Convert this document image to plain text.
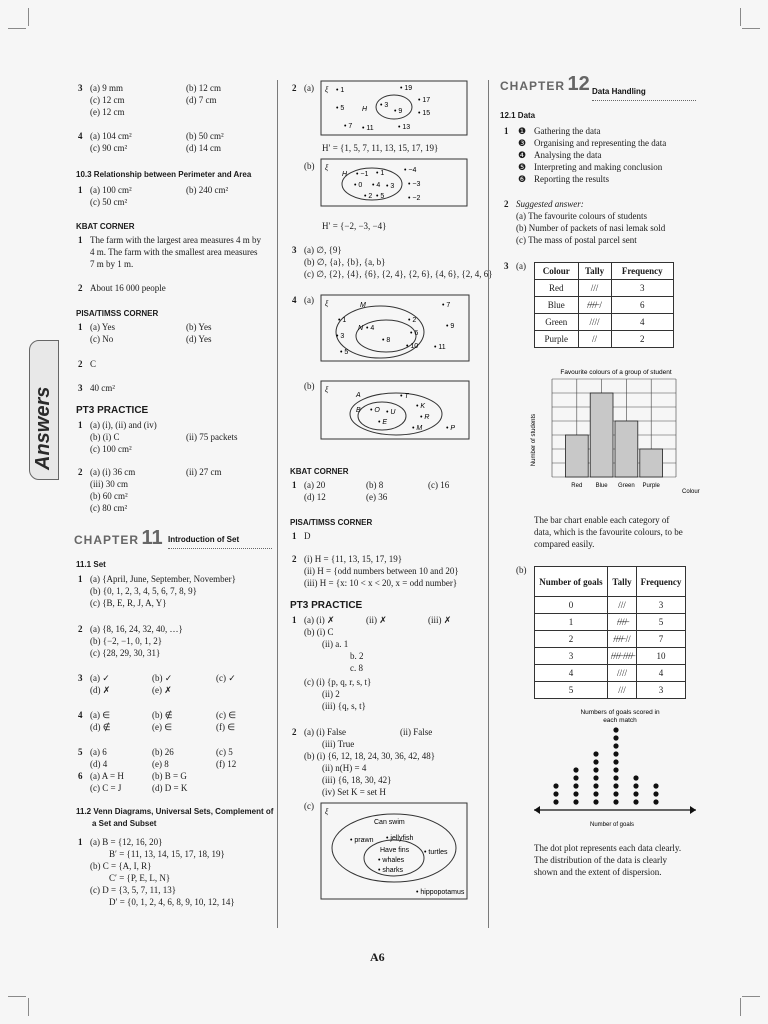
Answers
3 (a) 9 mm	(b) 12 cm
(c) 12 cm	(d) 7 cm
(e) 12 cm
4 (a) 104 cm²	(b) 50 cm²
(c) 90 cm²	(d) 14 cm
10.3 Relationship between Perimeter and Area
1 (a) 100 cm²	(b) 240 cm²
(c) 50 cm²
KBAT CORNER
1 The farm with the largest area measures 4 m by
4 m. The farm with the smallest area measures
7 m by 1 m.
2 About 16 000 people
PISA/TIMSS CORNER
1 (a) Yes	(b) Yes
(c) No	(d) Yes
2 C
3 40 cm²
PT3 PRACTICE
1 (a) (i), (ii) and (iv)
(b) (i) C	(ii) 75 packets
(c) 100 cm²
2 (a) (i) 36 cm	(ii) 27 cm
(iii) 30 cm
(b) 60 cm²
(c) 80 cm²
CHAPTER 11 Introduction of Set
11.1 Set
1 (a) {April, June, September, November}
(b) {0, 1, 2, 3, 4, 5, 6, 7, 8, 9}
(c) {B, E, R, J, A, Y}
2 (a) {8, 16, 24, 32, 40, …}
(b) {−2, −1, 0, 1, 2}
(c) {28, 29, 30, 31}
3 (a) ✓	(b) ✓	(c) ✓
(d) ✗	(e) ✗
4 (a) ∈	(b) ∉	(c) ∈
(d) ∉	(e) ∈	(f) ∈
5 (a) 6	(b) 26	(c) 5
(d) 4	(e) 8	(f) 12
6 (a) A = H	(b) B = G
(c) C = J	(d) D = K
11.2 Venn Diagrams, Universal Sets, Complement of
a Set and Subset
1 (a) B = {12, 16, 20}
B′ = {11, 13, 14, 15, 17, 18, 19}
(b) C = {A, I, R}
C′ = {P, E, L, N}
(c) D = {3, 5, 7, 11, 13}
D′ = {0, 1, 2, 4, 6, 8, 9, 10, 12, 14}
2 (a) ξ • 1	• 19
• 17
• 5	H
• 3
• 9 • 15
• 7 • 11	• 13
H′ = {1, 5, 7, 11, 13, 15, 17, 19}
(b) ξ
H • −1 • 1
• 0 • 4 • 3
• 2 • 5
• −4
• −3
• −2
H′ = {−2, −3, −4}
3 (a) ∅, {9}
(b) ∅, {a}, {b}, {a, b}
(c) ∅, {2}, {4}, {6}, {2, 4}, {2, 6}, {4, 6}, {2, 4, 6}
4 (a) ξ	M
N
• 1
• 3
• 5
• 4
• 8
• 2
• 6
• 10
• 7
• 9
• 11
(b) ξ
A
B • O • U
• E
• T
• K
• R
• M	• P
KBAT CORNER
1 (a) 20	(b) 8	(c) 16
(d) 12	(e) 36
PISA/TIMSS CORNER
1 D
2 (i) H = {11, 13, 15, 17, 19}
(ii) H = {odd numbers between 10 and 20}
(iii) H = {x: 10 < x < 20, x = odd number}
PT3 PRACTICE
1 (a) (i) ✗	(ii) ✗	(iii) ✗
(b) (i) C
(ii) a. 1
b. 2
c. 8
(c) (i) {p, q, r, s, t}
(ii) 2
(iii) {q, s, t}
2 (a) (i) False	(ii) False
(iii) True
(b) (i) {6, 12, 18, 24, 30, 36, 42, 48}
(ii) n(H) = 4
(iii) {6, 18, 30, 42}
(iv) Set K = set H
(c)
ξ
Can swim
• prawn • jellyfish
• turtles
Have fins
• whales
• sharks
• hippopotamus
CHAPTER 12 Data Handling
12.1 Data
1 ❶ Gathering the data
❸ Organising and representing the data
❹ Analysing the data
❺ Interpreting and making conclusion
❻ Reporting the results
2 Suggested answer:
(a) The favourite colours of students
(b) Number of packets of nasi lemak sold
(c) The mass of postal parcel sent
3 (a) Colour	Tally	Frequency
Red	///	3
Blue	/̶/̶/̶/̶ /	6
Green	////	4
Purple	//	2
Favourite colours of a group of student
Number of students
Red Blue Green Purple
Colour
The bar chart enable each category of
data, which is the favourite colours, to be
compared easily.
(b)
Number of goals	Tally	Frequency
0	///	3
1	/̶/̶/̶/̶	5
2	/̶/̶/̶/̶ //	7
3	/̶/̶/̶/̶ /̶/̶/̶/̶	10
4	////	4
5	///	3
Numbers of goals scored in
each match
Number of goals
The dot plot represents each data clearly.
The distribution of the data is clearly
shown and the extent of dispersion.
A6
